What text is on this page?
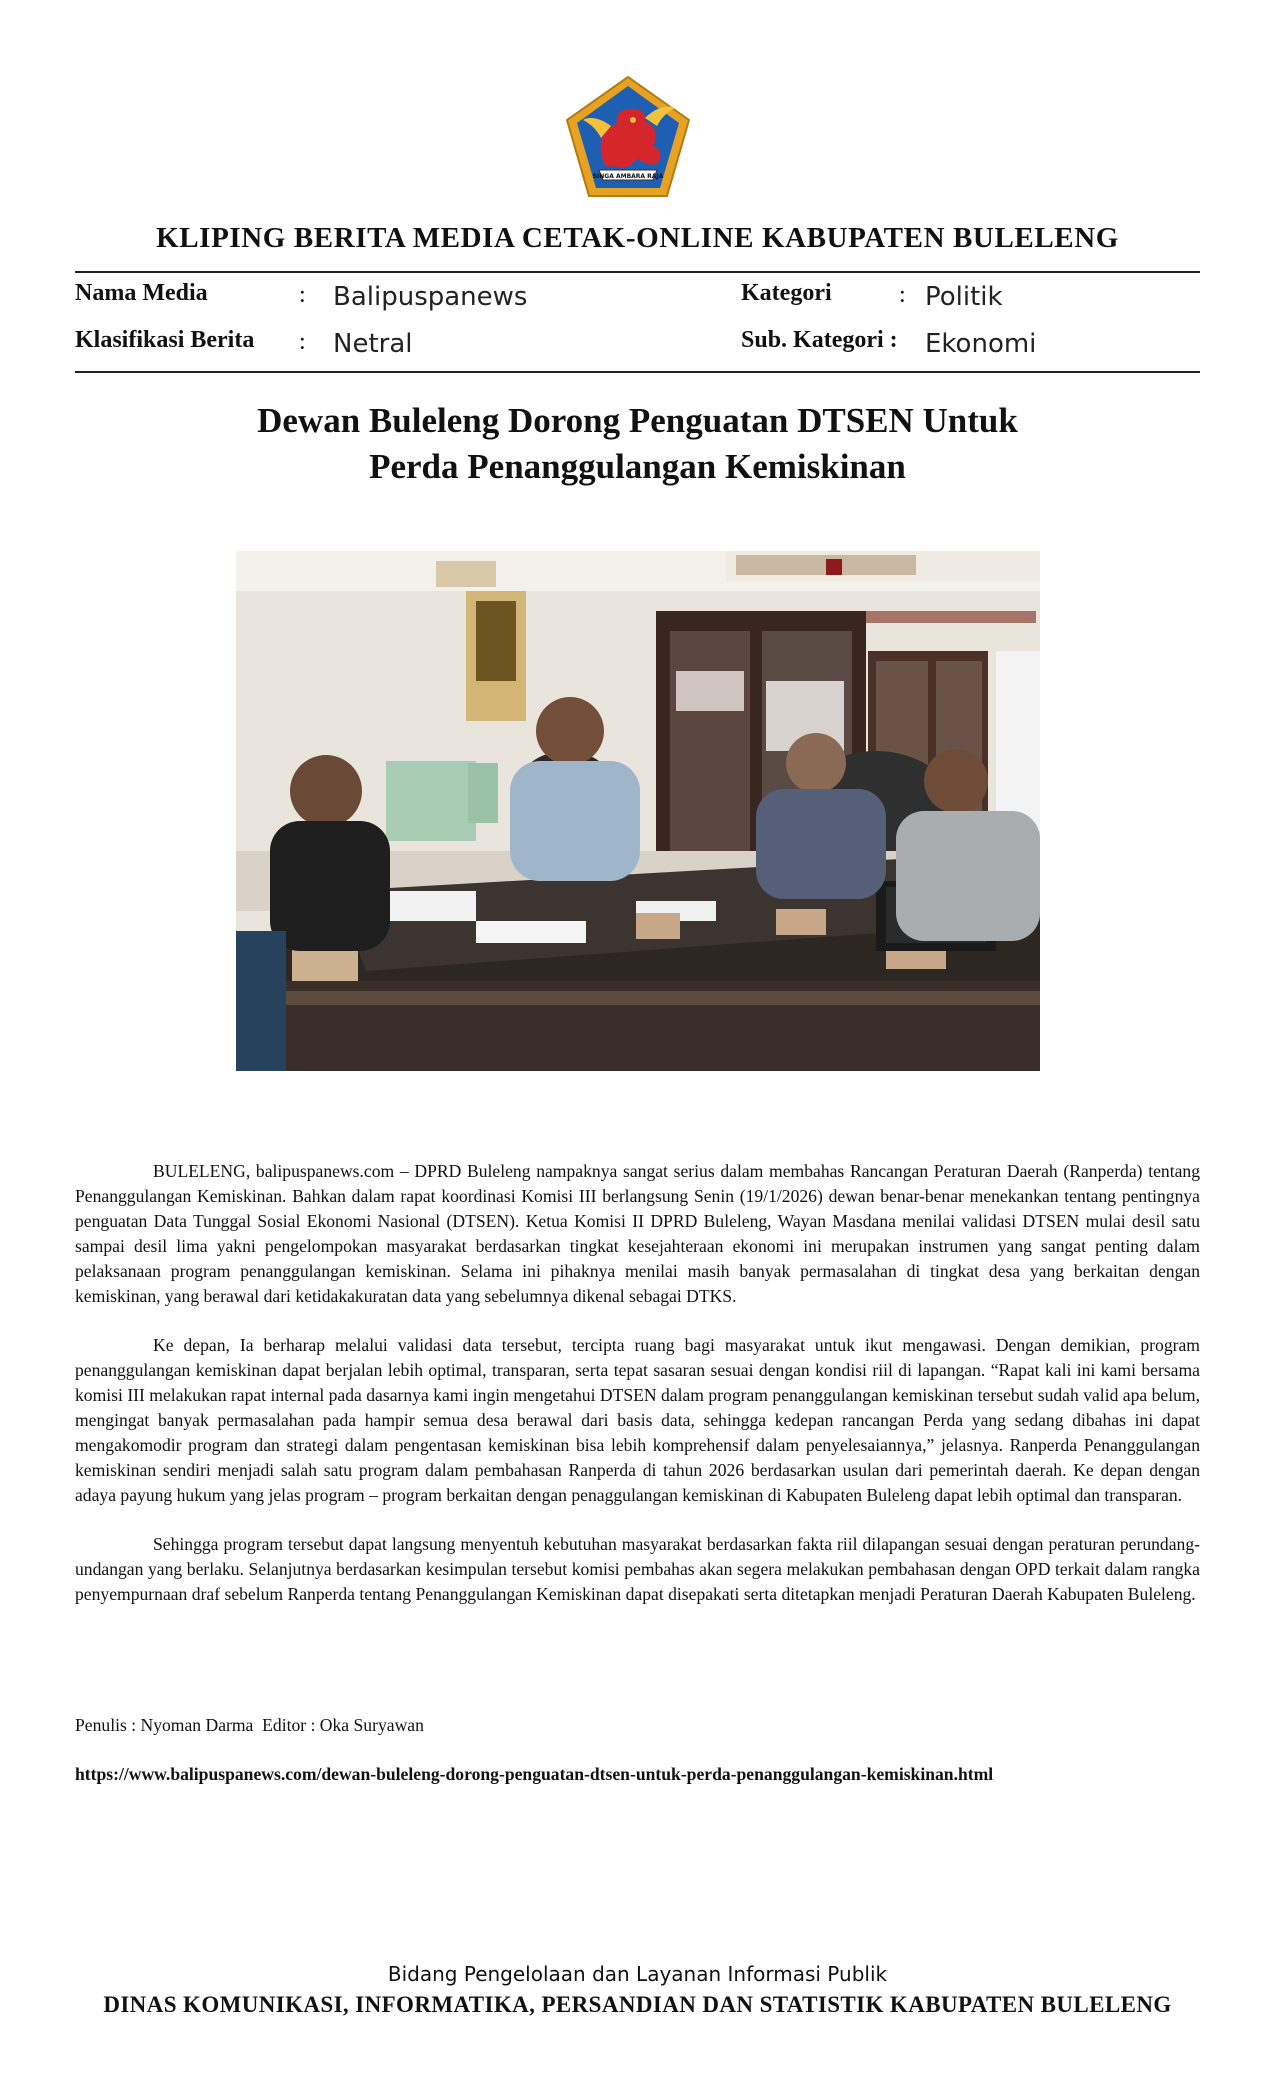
SINGA AMBARA RAJA
KLIPING BERITA MEDIA CETAK-ONLINE KABUPATEN BULELENG
Nama Media	: Balipuspanews	Kategori	: Politik
Klasifikasi Berita : Netral	Sub. Kategori : Ekonomi
Dewan Buleleng Dorong Penguatan DTSEN Untuk
Perda Penanggulangan Kemiskinan

BULELENG, balipuspanews.com – DPRD Buleleng nampaknya sangat serius dalam membahas Rancangan Peraturan Daerah (Ranperda) tentang Penanggulangan Kemiskinan. Bahkan dalam rapat koordinasi Komisi III berlangsung Senin (19/1/2026) dewan benar-benar menekankan tentang pentingnya penguatan Data Tunggal Sosial Ekonomi Nasional (DTSEN). Ketua Komisi II DPRD Buleleng, Wayan Masdana menilai validasi DTSEN mulai desil satu sampai desil lima yakni pengelompokan masyarakat berdasarkan tingkat kesejahteraan ekonomi ini merupakan instrumen yang sangat penting dalam pelaksanaan program penanggulangan kemiskinan. Selama ini pihaknya menilai masih banyak permasalahan di tingkat desa yang berkaitan dengan kemiskinan, yang berawal dari ketidakakuratan data yang sebelumnya dikenal sebagai DTKS.

Ke depan, Ia berharap melalui validasi data tersebut, tercipta ruang bagi masyarakat untuk ikut mengawasi. Dengan demikian, program penanggulangan kemiskinan dapat berjalan lebih optimal, transparan, serta tepat sasaran sesuai dengan kondisi riil di lapangan. “Rapat kali ini kami bersama komisi III melakukan rapat internal pada dasarnya kami ingin mengetahui DTSEN dalam program penanggulangan kemiskinan tersebut sudah valid apa belum, mengingat banyak permasalahan pada hampir semua desa berawal dari basis data, sehingga kedepan rancangan Perda yang sedang dibahas ini dapat mengakomodir program dan strategi dalam pengentasan kemiskinan bisa lebih komprehensif dalam penyelesaiannya,” jelasnya. Ranperda Penanggulangan kemiskinan sendiri menjadi salah satu program dalam pembahasan Ranperda di tahun 2026 berdasarkan usulan dari pemerintah daerah. Ke depan dengan adaya payung hukum yang jelas program – program berkaitan dengan penaggulangan kemiskinan di Kabupaten Buleleng dapat lebih optimal dan transparan.

Sehingga program tersebut dapat langsung menyentuh kebutuhan masyarakat berdasarkan fakta riil dilapangan sesuai dengan peraturan perundang-undangan yang berlaku. Selanjutnya berdasarkan kesimpulan tersebut komisi pembahas akan segera melakukan pembahasan dengan OPD terkait dalam rangka penyempurnaan draf sebelum Ranperda tentang Penanggulangan Kemiskinan dapat disepakati serta ditetapkan menjadi Peraturan Daerah Kabupaten Buleleng.

Penulis : Nyoman Darma  Editor : Oka Suryawan
https://www.balipuspanews.com/dewan-buleleng-dorong-penguatan-dtsen-untuk-perda-penanggulangan-kemiskinan.html
Bidang Pengelolaan dan Layanan Informasi Publik
DINAS KOMUNIKASI, INFORMATIKA, PERSANDIAN DAN STATISTIK KABUPATEN BULELENG
